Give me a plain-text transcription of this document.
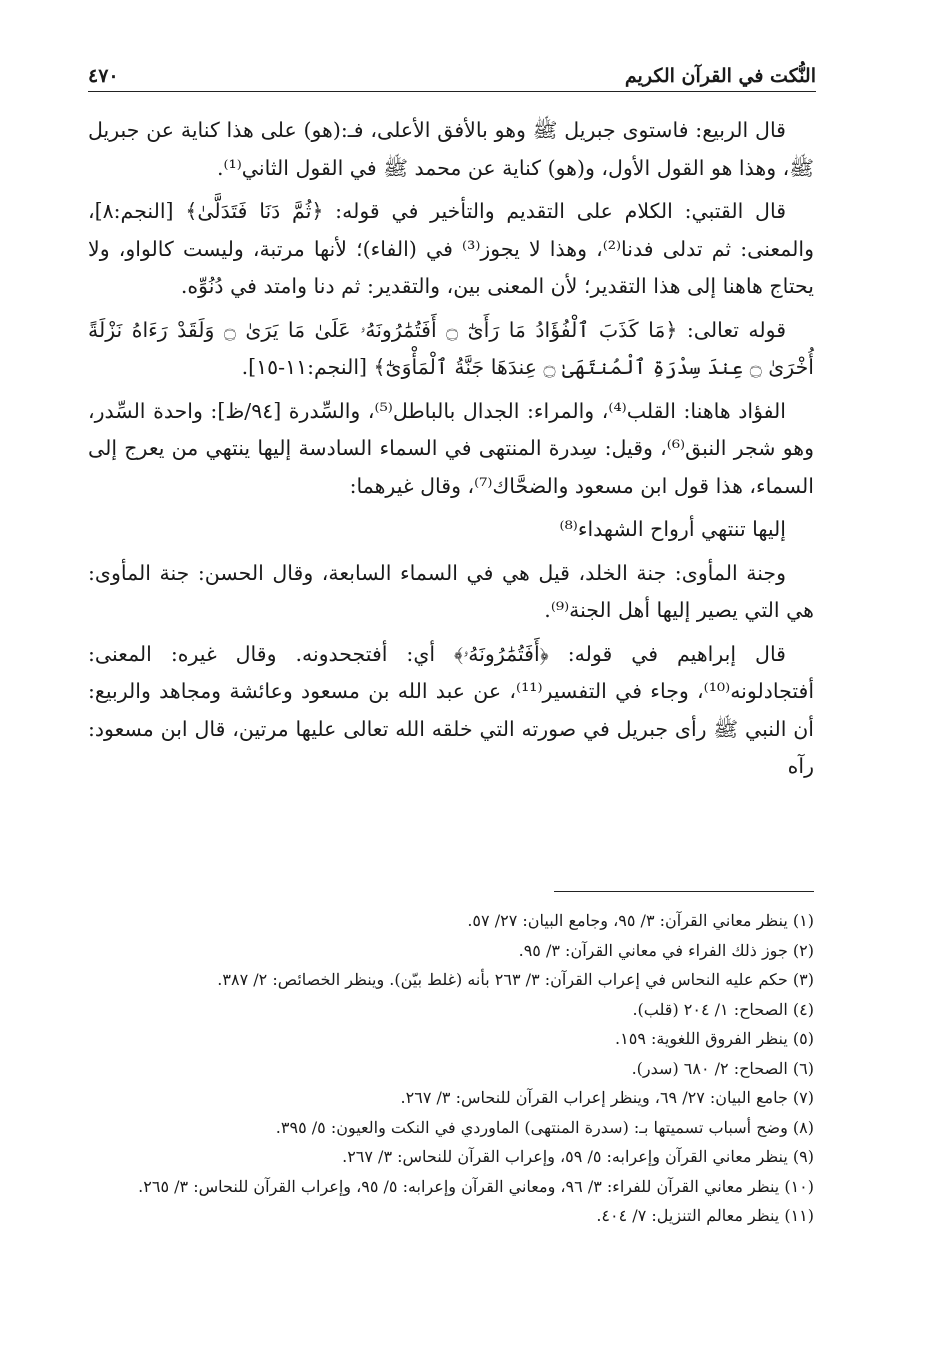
النُّكت في القرآن الكريم
٤٧٠

قال الربيع: فاستوى جبريل ﷺ وهو بالأفق الأعلى، فـ:(هو) على هذا كناية عن جبريل ﷺ، وهذا هو القول الأول، و(هو) كناية عن محمد ﷺ في القول الثاني⁽¹⁾.

قال القتبي: الكلام على التقديم والتأخير في قوله: ﴿ثُمَّ دَنَا فَتَدَلَّىٰ﴾ [النجم:٨]، والمعنى: ثم تدلى فدنا⁽²⁾، وهذا لا يجوز⁽³⁾ في (الفاء)؛ لأنها مرتبة، وليست كالواو، ولا يحتاج هاهنا إلى هذا التقدير؛ لأن المعنى بين، والتقدير: ثم دنا وامتد في دُنُوِّه.

قوله تعالى: ﴿مَا كَذَبَ ٱلْفُؤَادُ مَا رَأَىٰٓ ۝ أَفَتُمَٰرُونَهُۥ عَلَىٰ مَا يَرَىٰ ۝ وَلَقَدْ رَءَاهُ نَزْلَةً أُخْرَىٰ ۝ عِندَ سِدْرَةِ ٱلْمُنتَهَىٰ ۝ عِندَهَا جَنَّةُ ٱلْمَأْوَىٰٓ﴾ [النجم:١١-١٥].

الفؤاد هاهنا: القلب⁽⁴⁾، والمراء: الجدال بالباطل⁽⁵⁾، والسِّدرة [٩٤/ظ]: واحدة السِّدر، وهو شجر النبق⁽⁶⁾، وقيل: سِدرة المنتهى في السماء السادسة إليها ينتهي من يعرج إلى السماء، هذا قول ابن مسعود والضحَّاك⁽⁷⁾، وقال غيرهما:

إليها تنتهي أرواح الشهداء⁽⁸⁾

وجنة المأوى: جنة الخلد، قيل هي في السماء السابعة، وقال الحسن: جنة المأوى: هي التي يصير إليها أهل الجنة⁽⁹⁾.

قال إبراهيم في قوله: ﴿أَفَتُمَٰرُونَهُۥ﴾ أي: أفتجحدونه. وقال غيره: المعنى: أفتجادلونه⁽¹⁰⁾، وجاء في التفسير⁽¹¹⁾، عن عبد الله بن مسعود وعائشة ومجاهد والربيع: أن النبي ﷺ رأى جبريل في صورته التي خلقه الله تعالى عليها مرتين، قال ابن مسعود: رآه

(١) ينظر معاني القرآن: ٣/ ٩٥، وجامع البيان: ٢٧/ ٥٧.

(٢) جوز ذلك الفراء في معاني القرآن: ٣/ ٩٥.

(٣) حكم عليه النحاس في إعراب القرآن: ٣/ ٢٦٣ بأنه (غلط بيّن). وينظر الخصائص: ٢/ ٣٨٧.

(٤) الصحاح: ١/ ٢٠٤ (قلب).

(٥) ينظر الفروق اللغوية: ١٥٩.

(٦) الصحاح: ٢/ ٦٨٠ (سدر).

(٧) جامع البيان: ٢٧/ ٦٩، وينظر إعراب القرآن للنحاس: ٣/ ٢٦٧.

(٨) وضح أسباب تسميتها بـ: (سدرة المنتهى) الماوردي في النكت والعيون: ٥/ ٣٩٥.

(٩) ينظر معاني القرآن وإعرابه: ٥/ ٥٩، وإعراب القرآن للنحاس: ٣/ ٢٦٧.

(١٠) ينظر معاني القرآن للفراء: ٣/ ٩٦، ومعاني القرآن وإعرابه: ٥/ ٩٥، وإعراب القرآن للنحاس: ٣/ ٢٦٥.

(١١) ينظر معالم التنزيل: ٧/ ٤٠٤.
